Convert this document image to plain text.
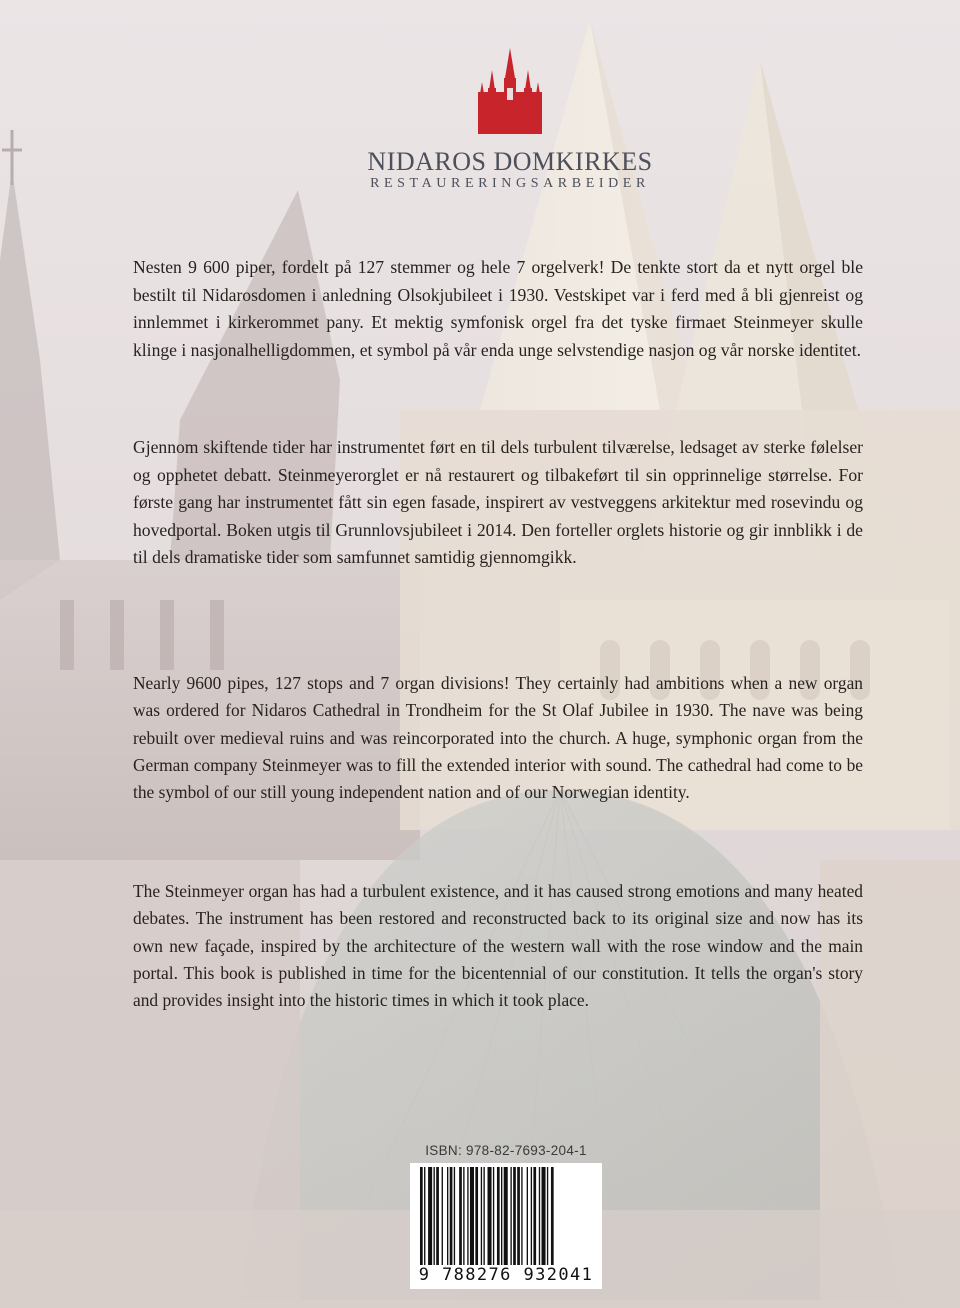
NIDAROS DOMKIRKES
RESTAURERINGSARBEIDER

Nesten 9 600 piper, fordelt på 127 stemmer og hele 7 orgelverk! De tenkte stort da et nytt orgel ble bestilt til Nidarosdomen i anledning Olsokjubileet i 1930. Vestskipet var i ferd med å bli gjenreist og innlemmet i kirkerommet pany. Et mektig symfonisk orgel fra det tyske firmaet Steinmeyer skulle klinge i nasjonalhelligdommen, et symbol på vår enda unge selvstendige nasjon og vår norske identitet.

Gjennom skiftende tider har instrumentet ført en til dels turbulent tilværelse, ledsaget av sterke følelser og opphetet debatt. Steinmeyerorglet er nå restaurert og tilbakeført til sin opprinnelige størrelse. For første gang har instrumentet fått sin egen fasade, inspirert av vestveggens arkitektur med rosevindu og hovedportal. Boken utgis til Grunnlovsjubileet i 2014. Den forteller orglets historie og gir innblikk i de til dels dramatiske tider som samfunnet samtidig gjennomgikk.

Nearly 9600 pipes, 127 stops and 7 organ divisions! They certainly had ambitions when a new organ was ordered for Nidaros Cathedral in Trondheim for the St Olaf Jubilee in 1930. The nave was being rebuilt over medieval ruins and was reincorporated into the church. A huge, symphonic organ from the German company Steinmeyer was to fill the extended interior with sound. The cathedral had come to be the symbol of our still young independent nation and of our Norwegian identity.

The Steinmeyer organ has had a turbulent existence, and it has caused strong emotions and many heated debates. The instrument has been restored and reconstructed back to its original size and now has its own new façade, inspired by the architecture of the western wall with the rose window and the main portal. This book is published in time for the bicentennial of our constitution. It tells the organ's story and provides insight into the historic times in which it took place.

ISBN: 978-82-7693-204-1
9 788276 932041
